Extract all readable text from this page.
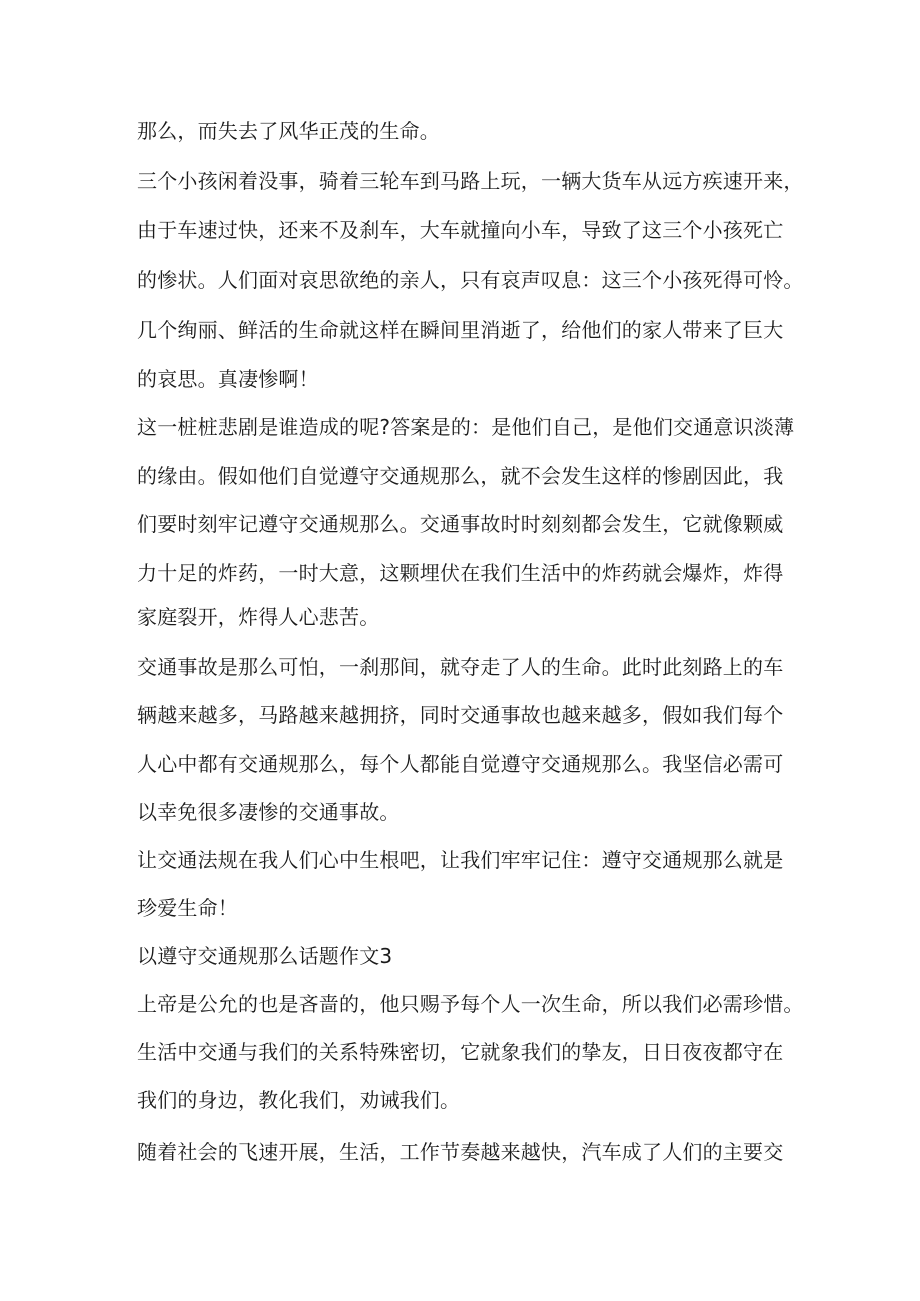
那么，而失去了风华正茂的生命。
三个小孩闲着没事，骑着三轮车到马路上玩，一辆大货车从远方疾速开来，
由于车速过快，还来不及刹车，大车就撞向小车，导致了这三个小孩死亡
的惨状。人们面对哀思欲绝的亲人，只有哀声叹息：这三个小孩死得可怜。
几个绚丽、鲜活的生命就这样在瞬间里消逝了，给他们的家人带来了巨大
的哀思。真凄惨啊！
这一桩桩悲剧是谁造成的呢?答案是的：是他们自己，是他们交通意识淡薄
的缘由。假如他们自觉遵守交通规那么，就不会发生这样的惨剧因此，我
们要时刻牢记遵守交通规那么。交通事故时时刻刻都会发生，它就像颗威
力十足的炸药，一时大意，这颗埋伏在我们生活中的炸药就会爆炸，炸得
家庭裂开，炸得人心悲苦。
交通事故是那么可怕，一刹那间，就夺走了人的生命。此时此刻路上的车
辆越来越多，马路越来越拥挤，同时交通事故也越来越多，假如我们每个
人心中都有交通规那么，每个人都能自觉遵守交通规那么。我坚信必需可
以幸免很多凄惨的交通事故。
让交通法规在我人们心中生根吧，让我们牢牢记住：遵守交通规那么就是
珍爱生命！
以遵守交通规那么话题作文3
上帝是公允的也是吝啬的，他只赐予每个人一次生命，所以我们必需珍惜。
生活中交通与我们的关系特殊密切，它就象我们的挚友，日日夜夜都守在
我们的身边，教化我们，劝诫我们。
随着社会的飞速开展，生活，工作节奏越来越快，汽车成了人们的主要交
